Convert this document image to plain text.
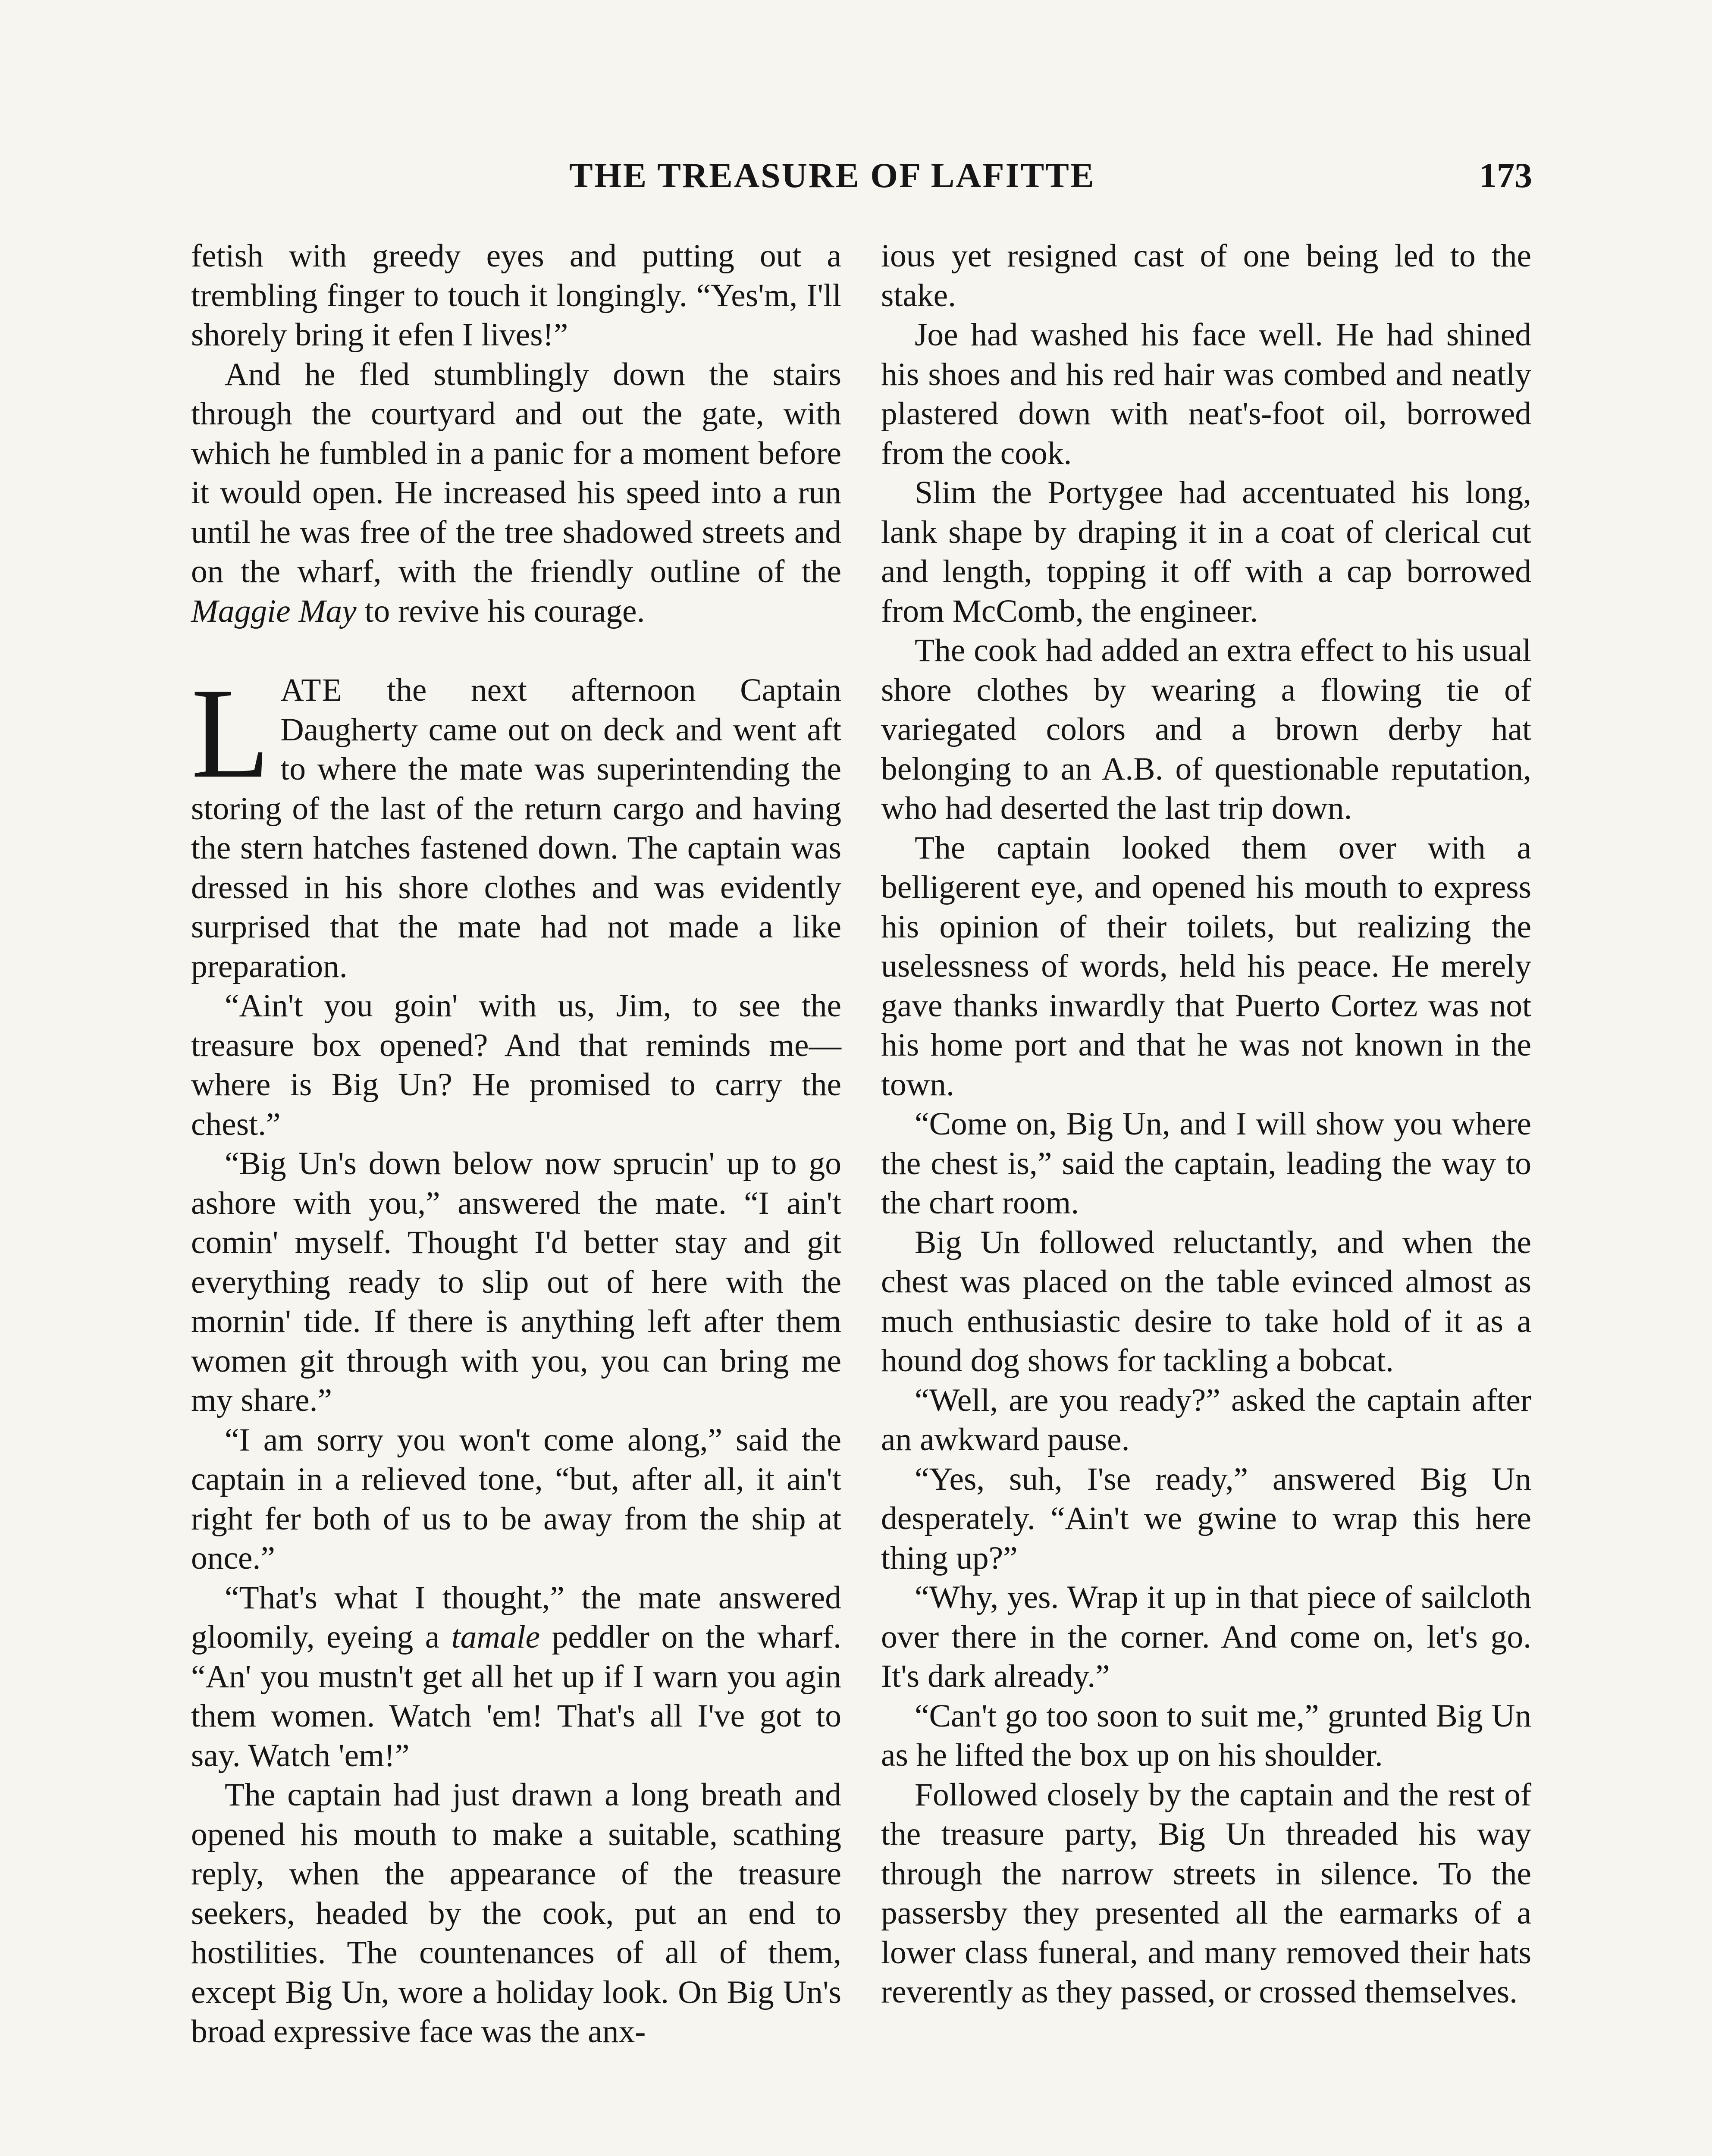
THE TREASURE OF LAFITTE	173

fetish with greedy eyes and putting out a trembling finger to touch it longingly. “Yes'm, I'll shorely bring it efen I lives!”

And he fled stumblingly down the stairs through the courtyard and out the gate, with which he fumbled in a panic for a moment before it would open. He increased his speed into a run until he was free of the tree shadowed streets and on the wharf, with the friendly outline of the Maggie May to revive his courage.

LATE the next afternoon Captain Daugherty came out on deck and went aft to where the mate was superintending the storing of the last of the return cargo and having the stern hatches fastened down. The captain was dressed in his shore clothes and was evidently surprised that the mate had not made a like preparation.

“Ain't you goin' with us, Jim, to see the treasure box opened? And that reminds me—where is Big Un? He promised to carry the chest.”

“Big Un's down below now sprucin' up to go ashore with you,” answered the mate. “I ain't comin' myself. Thought I'd better stay and git everything ready to slip out of here with the mornin' tide. If there is anything left after them women git through with you, you can bring me my share.”

“I am sorry you won't come along,” said the captain in a relieved tone, “but, after all, it ain't right fer both of us to be away from the ship at once.”

“That's what I thought,” the mate answered gloomily, eyeing a tamale peddler on the wharf. “An' you mustn't get all het up if I warn you agin them women. Watch 'em! That's all I've got to say. Watch 'em!”

The captain had just drawn a long breath and opened his mouth to make a suitable, scathing reply, when the appearance of the treasure seekers, headed by the cook, put an end to hostilities. The countenances of all of them, except Big Un, wore a holiday look. On Big Un's broad expressive face was the anx-

ious yet resigned cast of one being led to the stake.

Joe had washed his face well. He had shined his shoes and his red hair was combed and neatly plastered down with neat's-foot oil, borrowed from the cook.

Slim the Portygee had accentuated his long, lank shape by draping it in a coat of clerical cut and length, topping it off with a cap borrowed from McComb, the engineer.

The cook had added an extra effect to his usual shore clothes by wearing a flowing tie of variegated colors and a brown derby hat belonging to an A.B. of questionable reputation, who had deserted the last trip down.

The captain looked them over with a belligerent eye, and opened his mouth to express his opinion of their toilets, but realizing the uselessness of words, held his peace. He merely gave thanks inwardly that Puerto Cortez was not his home port and that he was not known in the town.

“Come on, Big Un, and I will show you where the chest is,” said the captain, leading the way to the chart room.

Big Un followed reluctantly, and when the chest was placed on the table evinced almost as much enthusiastic desire to take hold of it as a hound dog shows for tackling a bobcat.

“Well, are you ready?” asked the captain after an awkward pause.

“Yes, suh, I'se ready,” answered Big Un desperately. “Ain't we gwine to wrap this here thing up?”

“Why, yes. Wrap it up in that piece of sailcloth over there in the corner. And come on, let's go. It's dark already.”

“Can't go too soon to suit me,” grunted Big Un as he lifted the box up on his shoulder.

Followed closely by the captain and the rest of the treasure party, Big Un threaded his way through the narrow streets in silence. To the passersby they presented all the earmarks of a lower class funeral, and many removed their hats reverently as they passed, or crossed themselves.
